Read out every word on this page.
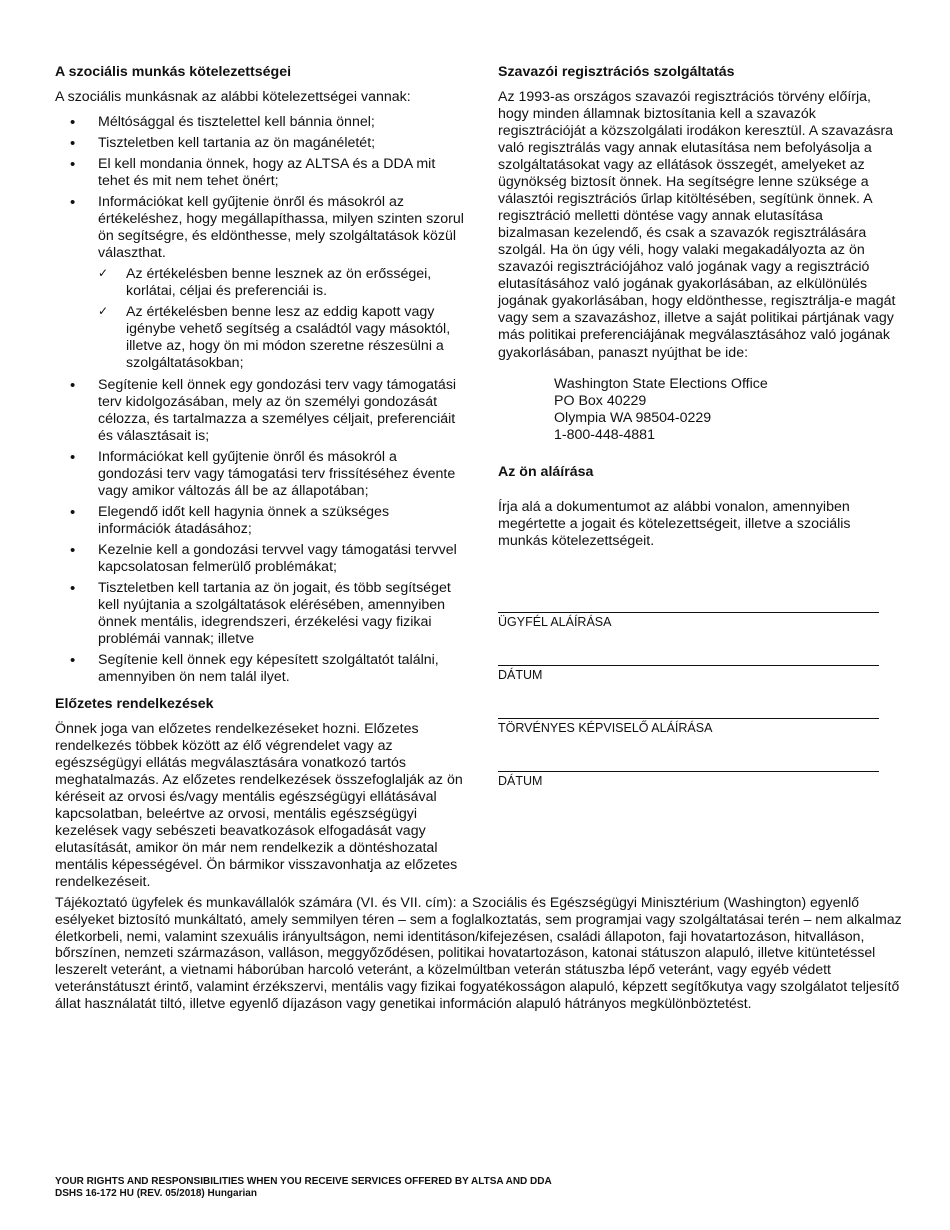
A szociális munkás kötelezettségei

A szociális munkásnak az alábbi kötelezettségei vannak:

• Méltósággal és tisztelettel kell bánnia önnel;
• Tiszteletben kell tartania az ön magánéletét;
• El kell mondania önnek, hogy az ALTSA és a DDA mit tehet és mit nem tehet önért;
• Információkat kell gyűjtenie önről és másokról az értékeléshez, hogy megállapíthassa, milyen szinten szorul ön segítségre, és eldönthesse, mely szolgáltatások közül választhat.
✓ Az értékelésben benne lesznek az ön erősségei, korlátai, céljai és preferenciái is.
✓ Az értékelésben benne lesz az eddig kapott vagy igénybe vehető segítség a családtól vagy másoktól, illetve az, hogy ön mi módon szeretne részesülni a szolgáltatásokban;
• Segítenie kell önnek egy gondozási terv vagy támogatási terv kidolgozásában, mely az ön személyi gondozását célozza, és tartalmazza a személyes céljait, preferenciáit és választásait is;
• Információkat kell gyűjtenie önről és másokról a gondozási terv vagy támogatási terv frissítéséhez évente vagy amikor változás áll be az állapotában;
• Elegendő időt kell hagynia önnek a szükséges információk átadásához;
• Kezelnie kell a gondozási tervvel vagy támogatási tervvel kapcsolatosan felmerülő problémákat;
• Tiszteletben kell tartania az ön jogait, és több segítséget kell nyújtania a szolgáltatások elérésében, amennyiben önnek mentális, idegrendszeri, érzékelési vagy fizikai problémái vannak; illetve
• Segítenie kell önnek egy képesített szolgáltatót találni, amennyiben ön nem talál ilyet.
Előzetes rendelkezések

Önnek joga van előzetes rendelkezéseket hozni. Előzetes rendelkezés többek között az élő végrendelet vagy az egészségügyi ellátás megválasztására vonatkozó tartós meghatalmazás. Az előzetes rendelkezések összefoglalják az ön kéréseit az orvosi és/vagy mentális egészségügyi ellátásával kapcsolatban, beleértve az orvosi, mentális egészségügyi kezelések vagy sebészeti beavatkozások elfogadását vagy elutasítását, amikor ön már nem rendelkezik a döntéshozatal mentális képességével. Ön bármikor visszavonhatja az előzetes rendelkezéseit.

Szavazói regisztrációs szolgáltatás

Az 1993-as országos szavazói regisztrációs törvény előírja, hogy minden államnak biztosítania kell a szavazók regisztrációját a közszolgálati irodákon keresztül. A szavazásra való regisztrálás vagy annak elutasítása nem befolyásolja a szolgáltatásokat vagy az ellátások összegét, amelyeket az ügynökség biztosít önnek. Ha segítségre lenne szüksége a választói regisztrációs űrlap kitöltésében, segítünk önnek. A regisztráció melletti döntése vagy annak elutasítása bizalmasan kezelendő, és csak a szavazók regisztrálására szolgál. Ha ön úgy véli, hogy valaki megakadályozta az ön szavazói regisztrációjához való jogának vagy a regisztráció elutasításához való jogának gyakorlásában, az elkülönülés jogának gyakorlásában, hogy eldönthesse, regisztrálja-e magát vagy sem a szavazáshoz, illetve a saját politikai pártjának vagy más politikai preferenciájának megválasztásához való jogának gyakorlásában, panaszt nyújthat be ide:

Washington State Elections Office
PO Box 40229
Olympia WA 98504-0229
1-800-448-4881
Az ön aláírása

Írja alá a dokumentumot az alábbi vonalon, amennyiben megértette a jogait és kötelezettségeit, illetve a szociális munkás kötelezettségeit.

ÜGYFÉL ALÁÍRÁSA
DÁTUM
TÖRVÉNYES KÉPVISELŐ ALÁÍRÁSA
DÁTUM

Tájékoztató ügyfelek és munkavállalók számára (VI. és VII. cím): a Szociális és Egészségügyi Minisztérium (Washington) egyenlő esélyeket biztosító munkáltató, amely semmilyen téren – sem a foglalkoztatás, sem programjai vagy szolgáltatásai terén – nem alkalmaz életkorbeli, nemi, valamint szexuális irányultságon, nemi identitáson/kifejezésen, családi állapoton, faji hovatartozáson, hitvalláson, bőrszínen, nemzeti származáson, valláson, meggyőződésen, politikai hovatartozáson, katonai státuszon alapuló, illetve kitüntetéssel leszerelt veteránt, a vietnami háborúban harcoló veteránt, a közelmúltban veterán státuszba lépő veteránt, vagy egyéb védett veteránstátuszt érintő, valamint érzékszervi, mentális vagy fizikai fogyatékosságon alapuló, képzett segítőkutya vagy szolgálatot teljesítő állat használatát tiltó, illetve egyenlő díjazáson vagy genetikai információn alapuló hátrányos megkülönböztetést.

YOUR RIGHTS AND RESPONSIBILITIES WHEN YOU RECEIVE SERVICES OFFERED BY ALTSA AND DDA
DSHS 16-172 HU (REV. 05/2018) Hungarian
